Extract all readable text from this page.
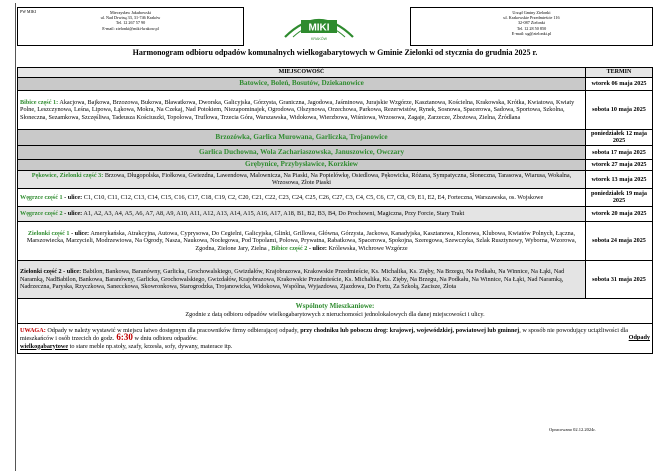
PW MIKI	Mieczysław Jakubowski
ul. Nad Drwiną 33, 31-746 Kraków
Tel. 12 267 57 90
E-mail: zielonki@miki-krakow.pl	MIKI
KRAKÓW
Urząd Gminy Zielonki
ul. Krakowskie Przedmieście 116
32-087 Zielonki
Tel. 12 28 50 850
E-mail: ug@zielonki.pl
Harmonogram odbioru odpadów komunalnych wielkogabarytowych w Gminie Zielonki od stycznia do grudnia 2025 r.
MIEJSCOWOŚĆ	TERMIN
Batowice, Boleń, Bosutów, Dziekanowice	wtorek 06 maja 2025
Bibice część 1: Akacjowa, Bajkowa, Brzozowa, Bukowa, Bławatkowa, Dworska, Galicyjska, Górzysta, Graniczna, Jagodowa, Jaśminowa, Jurajskie Wzgórze, Kasztanowa, Kościelna, Krakowska, Krótka, Kwiatowa, Kwiaty Polne, Leszczynowa, Leśna, Lipowa, Łąkowa, Mokra, Na Czekaj, Nad Potokiem, Niezapominajek, Ogrodowa, Olszynowa, Orzechowa, Parkowa, Rezerwistów, Rynek, Sosnowa, Spacerowa, Sadowa, Sportowa, Szkolna, Słoneczna, Sezamkowa, Szczęśliwa, Tadeusza Kościuszki, Topolowa, Truflowa, Trzecia Góra, Warszawska, Widokowa, Wierzbowa, Wiśniowa, Wrzosowa, Zagaje, Zarzecze, Zbożowa, Zielna, Źródlana	sobota 10 maja 2025
Brzozówka, Garlica Murowana, Garliczka, Trojanowice	poniedziałek 12 maja 2025
Garlica Duchowna, Wola Zachariaszowska, Januszowice, Owczary	sobota 17 maja 2025
Grębynice, Przybysławice, Korzkiew	wtorek 27 maja 2025
Pękowice, Zielonki część 3: Brzowa, Długopolska, Fiołkowa, Gwiezdna, Lawendowa, Malownicza, Na Piaski, Na Popielówkę, Osiedlowa, Pękowicka, Różana, Sympatyczna, Słoneczna, Tarasowa, Wiarusa, Wokalna, Wrzosowa, Złote Piaski	wtorek 13 maja 2025
Węgrzce część 1 - ulice: C1, C10, C11, C12, C13, C14, C15, C16, C17, C18, C19, C2, C20, C21, C22, C23, C24, C25, C26, C27, C3, C4, C5, C6, C7, C8, C9, E1, E2, E4, Forteczna, Warszawska, os. Wojskowe	poniedziałek 19 maja 2025
Węgrzce część 2 - ulice: A1, A2, A3, A4, A5, A6, A7, A8, A9, A10, A11, A12, A13, A14, A15, A16, A17, A18, B1, B2, B3, B4, Do Prochowni, Magiczna, Przy Forcie, Stary Trakt	wtorek 20 maja 2025
Zielonki część 1 - ulice: Amerykańska, Atrakcyjna, Autowa, Cyprysowa, Do Cegielni, Galicyjska, Glinki, Grillowa, Główna, Górzysta, Jackowa, Kanadyjska, Kasztanowa, Klonowa, Klubowa, Kwiatów Polnych, Łączna, Marszowiecka, Marzycieli, Modrzewiowa, Na Ogrody, Nasza, Naukowa, Nocłegowa, Pod Topolami, Polowa, Prywatna, Rabatkowa, Spacerowa, Spokojna, Szeregowa, Szewczyka, Szlak Rusztynowy, Wyborna, Wzorowa, Zgodna, Zielone Jary, Zielna , Bibice część 2 - ulice: Królewska, Wichrowe Wzgórze	sobota 24 maja 2025
Zielonki część 2 - ulice: Babilon, Bankowa, Baranówny, Garlicka, Grochowalskiego, Gwizdałów, Krajobrazowa, Krakowskie Przedmieście, Ks. Michalika, Ks. Zięby, Na Brzegu, Na Podkału, Na Winnice, Na Łąki, Nad Naramką, NadBabilon, Bankowa, Baranówny, Garlicka, Grochowalskiego, Gwizdałów, Krajobrazowa, Krakowskie Przedmieście, Ks. Michalika, Ks. Zięby, Na Brzegu, Na Podkału, Na Winnice, Na Łąki, Nad Naramką, Nadrzeczna, Paryska, Rzyczkowa, Sanecckowa, Skowronkowa, Starogrodzka, Trojanowicka, Widokowa, Wspólna, Wyjazdowa, Zjazdowa, Do Fortu, Za Szkołą, Zacisze, Złota	sobota 31 maja 2025

Wspólnoty Mieszkaniowe:
Zgodnie z datą odbioru odpadów wielkogabarytowych z nieruchomości jednolokalowych dla danej miejscowości i ulicy.	
UWAGA: Odpady w należy wystawić w miejscu łatwo dostępnym dla pracowników firmy odbierającej odpady, przy chodniku lub poboczu drog: krajowej, wojewódzkiej, powiatowej lub gminnej, w sposób nie powodujący uciążliwości dla mieszkańców i osób trzecich do godz. 6:30 w dniu odbioru odpadów. Odpady

wielkogabarytowe to stare meble np.stoły, szafy, krzesła, sofy, dywany, materace itp.	
Opracowano 02.12.2024r.
